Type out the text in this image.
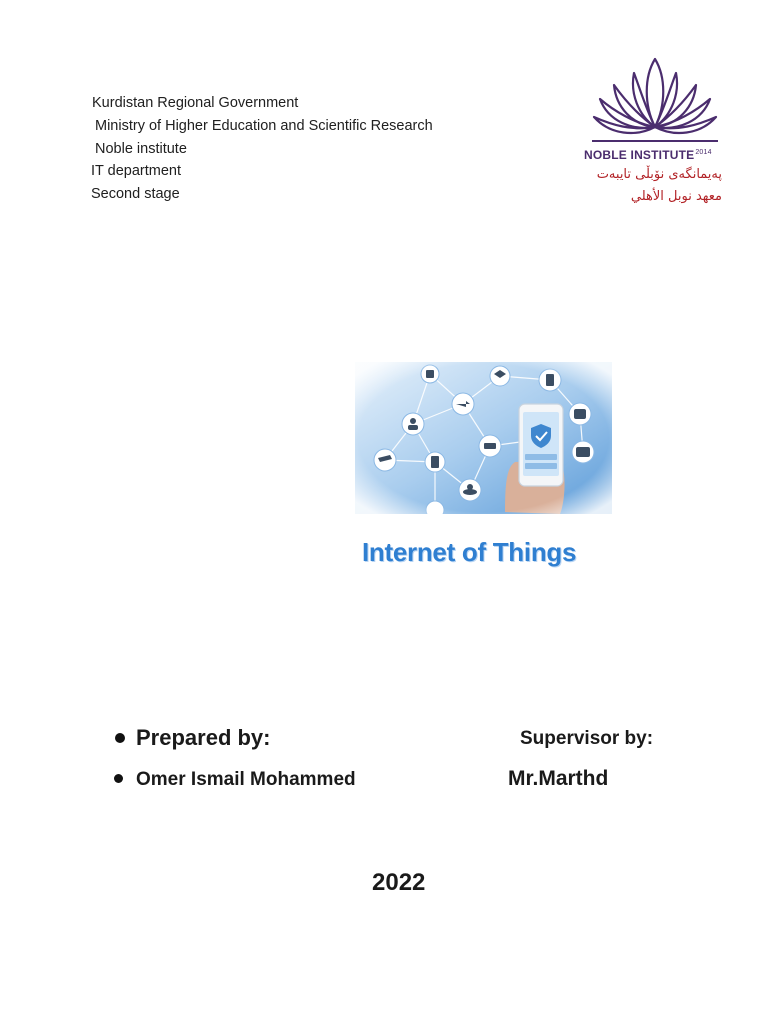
Kurdistan Regional Government
Ministry of Higher Education and Scientific Research
Noble institute
IT department
Second stage
NOBLE $INSTITUTE^{2014}$
پەیمانگەی نۆبڵی تایبەت
معهد نوبل الأهلي
Internet of Things
Prepared by:	Supervisor by:
Omer Ismail Mohammed	Mr.Marthd
2022
